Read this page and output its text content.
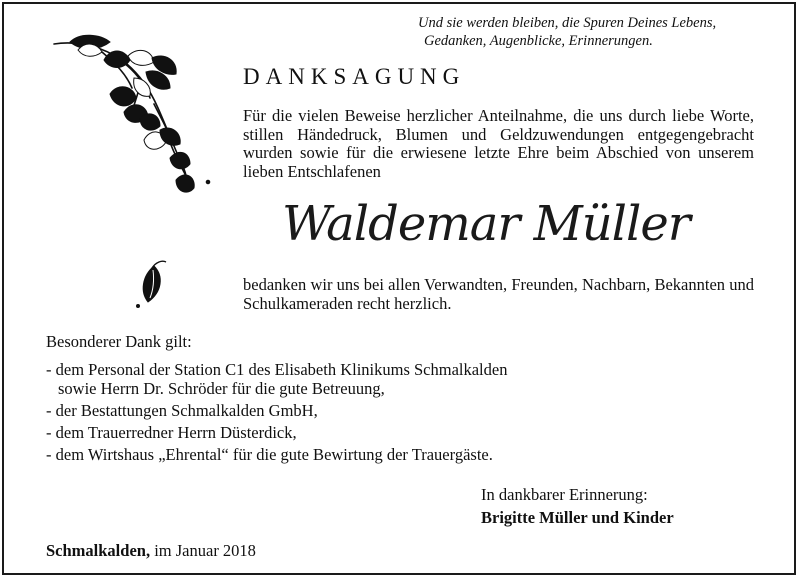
Und sie werden bleiben, die Spuren Deines Lebens,
Gedanken, Augenblicke, Erinnerungen.
DANKSAGUNG
Für die vielen Beweise herzlicher Anteilnahme, die uns durch liebe Worte, stillen Händedruck, Blumen und Geldzuwendungen entgegengebracht wurden sowie für die erwiesene letzte Ehre beim Abschied von unserem lieben Entschlafenen
Waldemar Müller
bedanken wir uns bei allen Verwandten, Freunden, Nachbarn, Bekannten und Schulkameraden recht herzlich.
Besonderer Dank gilt:
- dem Personal der Station C1 des Elisabeth Klinikums Schmalkalden
sowie Herrn Dr. Schröder für die gute Betreuung,
- der Bestattungen Schmalkalden GmbH,
- dem Trauerredner Herrn Düsterdick,
- dem Wirtshaus „Ehrental“ für die gute Bewirtung der Trauergäste.
In dankbarer Erinnerung:
Brigitte Müller und Kinder
Schmalkalden, im Januar 2018
